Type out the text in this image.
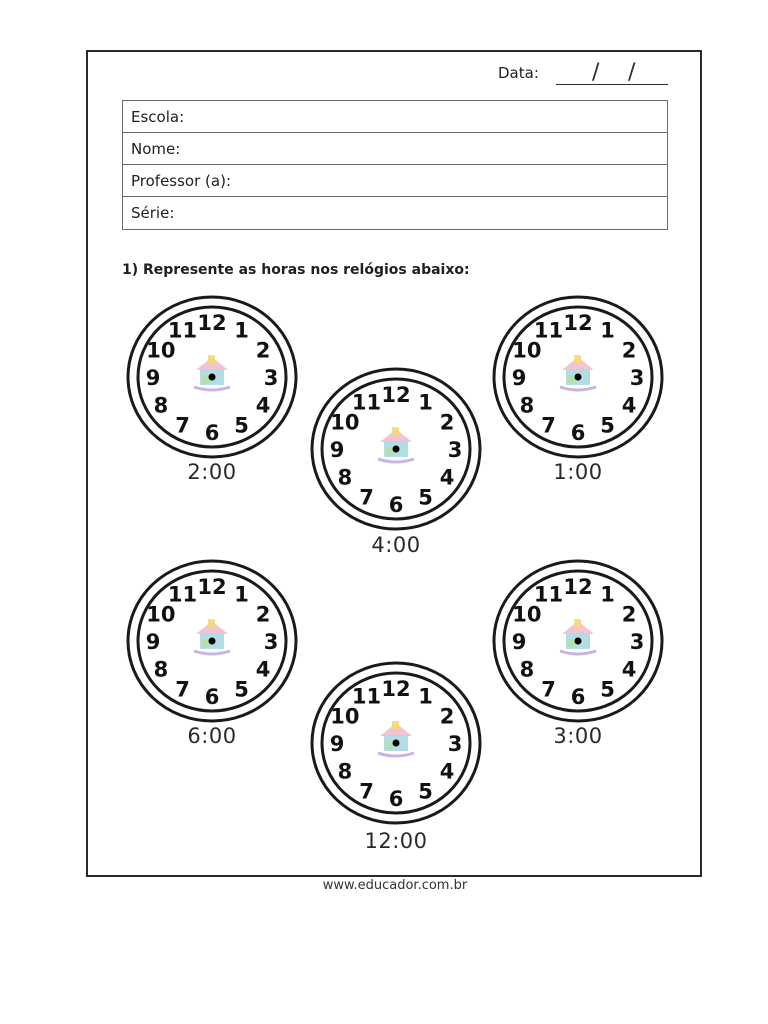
Data: / /
Escola:
Nome:
Professor (a):
Série:
1) Represente as horas nos relógios abaixo:
12 1
2
3
4
5
6
7
8
9
10
11
2:00
12 1
2
3
4
5
6
7
8
9
10
11
4:00
12 1
2
3
4
5
6
7
8
9
10
11
1:00
12 1
2
3
4
5
6
7
8
9
10
11
6:00
12 1
2
3
4
5
6
7
8
9
10
11
12:00
12 1
2
3
4
5
6
7
8
9
10
11
3:00
www.educador.com.br
